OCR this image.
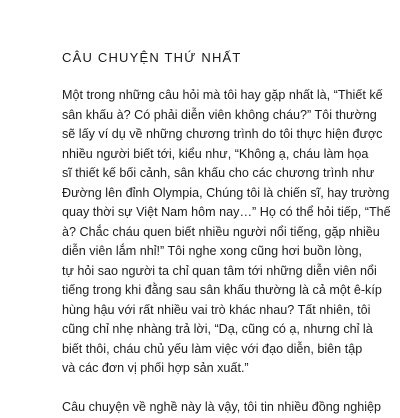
CÂU CHUYỆN THỨ NHẤT
Một trong những câu hỏi mà tôi hay gặp nhất là, “Thiết kế
sân khấu à? Có phải diễn viên không cháu?” Tôi thường
sẽ lấy ví dụ về những chương trình do tôi thực hiện được
nhiều người biết tới, kiểu như, “Không ạ, cháu làm họa
sĩ thiết kế bối cảnh, sân khấu cho các chương trình như
Đường lên đỉnh Olympia, Chúng tôi là chiến sĩ, hay trường
quay thời sự Việt Nam hôm nay…” Họ có thể hỏi tiếp, “Thế
à? Chắc cháu quen biết nhiều người nổi tiếng, gặp nhiều
diễn viên lắm nhỉ!” Tôi nghe xong cũng hơi buồn lòng,
tự hỏi sao người ta chỉ quan tâm tới những diễn viên nổi
tiếng trong khi đằng sau sân khấu thường là cả một ê-kíp
hùng hậu với rất nhiều vai trò khác nhau? Tất nhiên, tôi
cũng chỉ nhẹ nhàng trả lời, “Dạ, cũng có ạ, nhưng chỉ là
biết thôi, cháu chủ yếu làm việc với đạo diễn, biên tập
và các đơn vị phối hợp sản xuất.”
Câu chuyện về nghề này là vậy, tôi tin nhiều đồng nghiệp
